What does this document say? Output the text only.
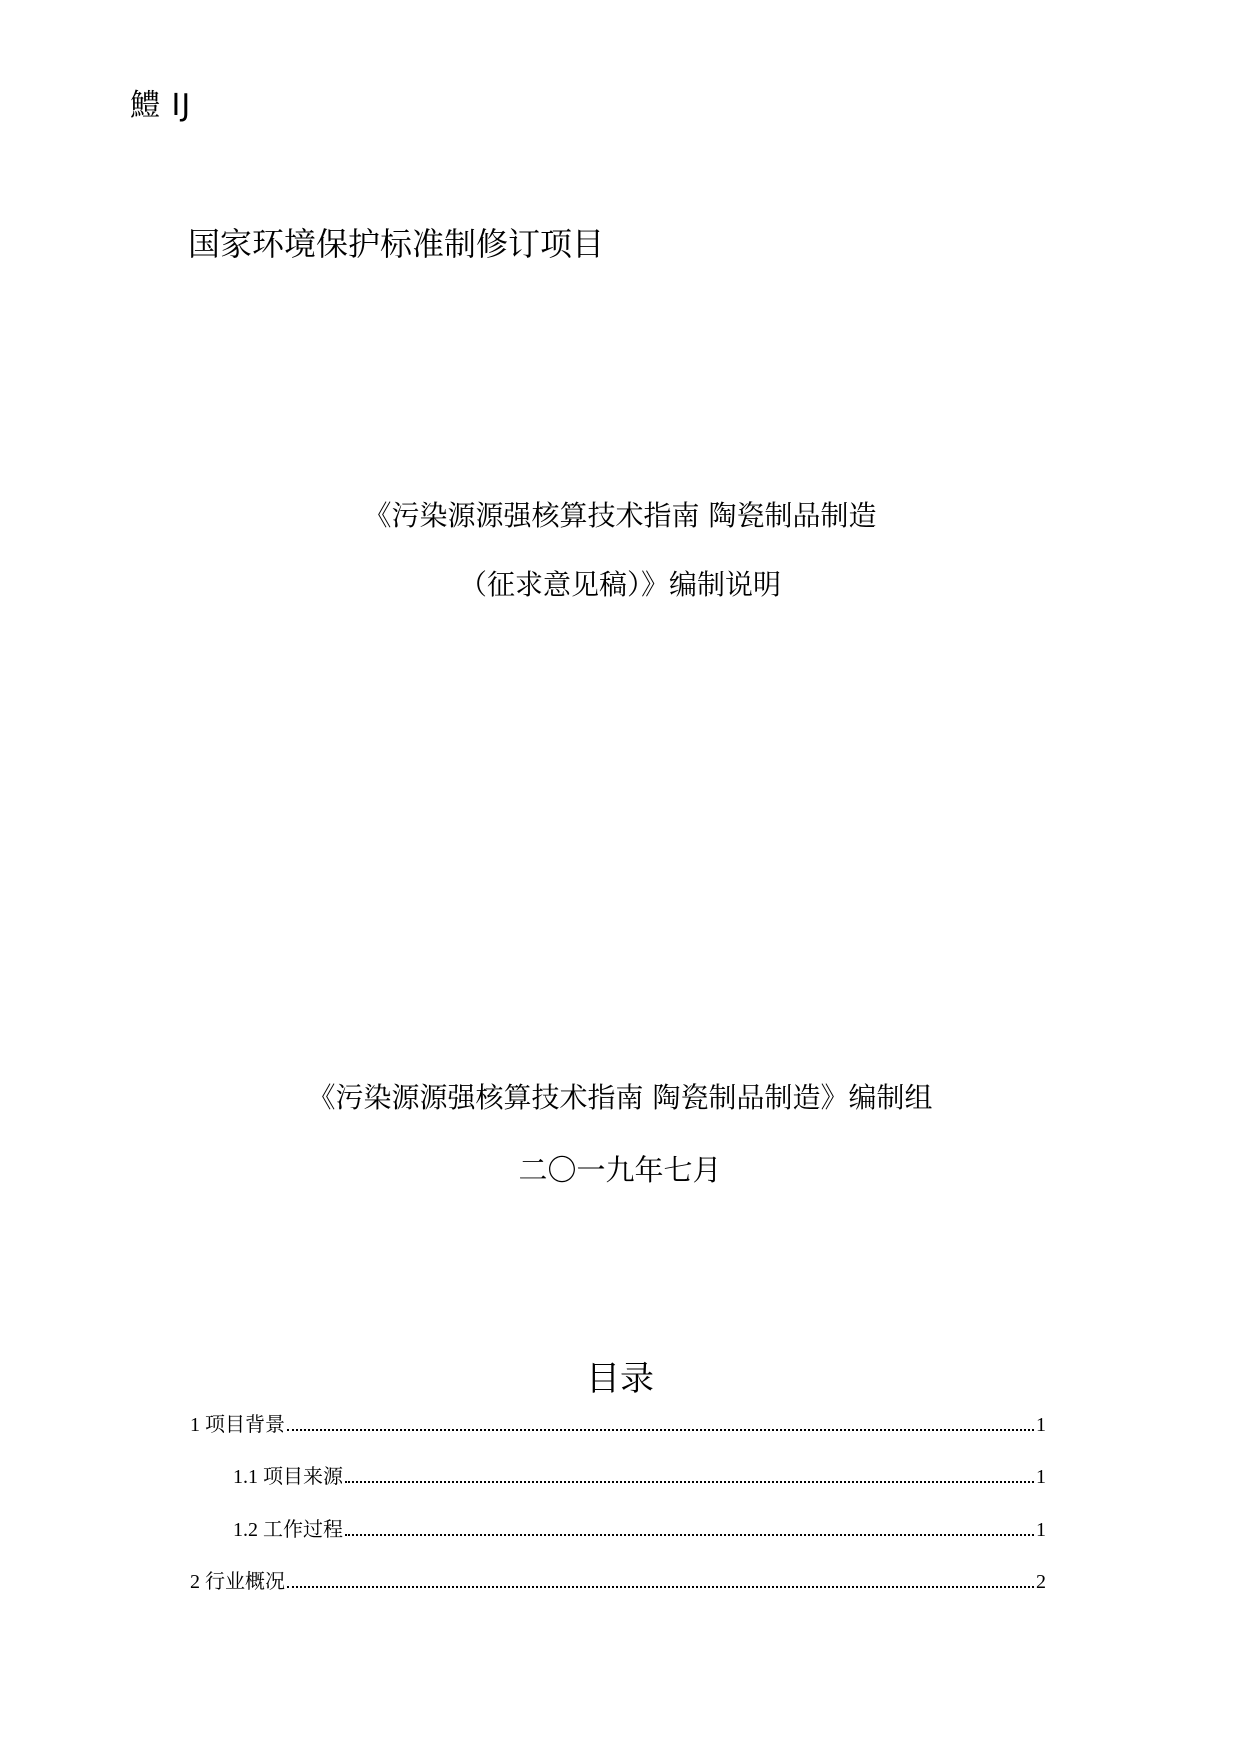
鱧 IJ
国家环境保护标准制修订项目
《污染源源强核算技术指南 陶瓷制品制造
（征求意见稿）》编制说明
《污染源源强核算技术指南 陶瓷制品制造》编制组
二〇一九年七月
目录
1 项目背景	1
1.1 项目来源	1
1.2 工作过程	1
2 行业概况	2
